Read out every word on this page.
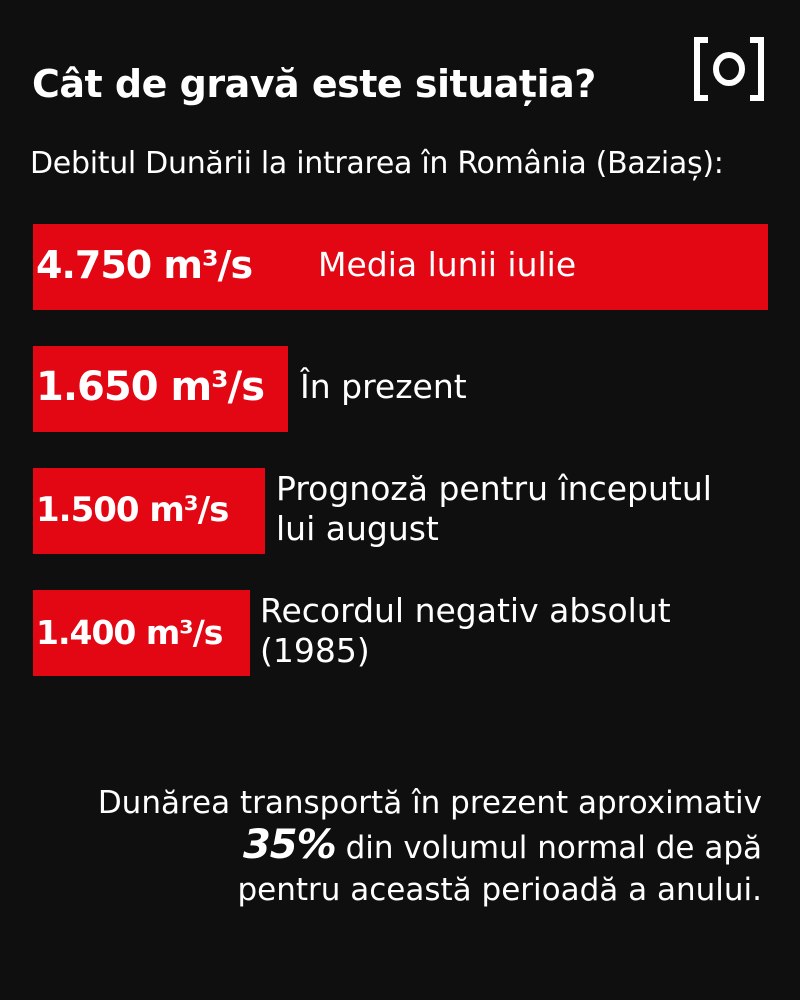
Cât de gravă este situația?
Debitul Dunării la intrarea în România (Baziaș):
4.750 m³/s Media lunii iulie
1.650 m³/s În prezent
1.500 m³/s
Prognoză pentru începutul
lui august
1.400 m³/s
Recordul negativ absolut
(1985)
Dunărea transportă în prezent aproximativ
35% din volumul normal de apă
pentru această perioadă a anului.
